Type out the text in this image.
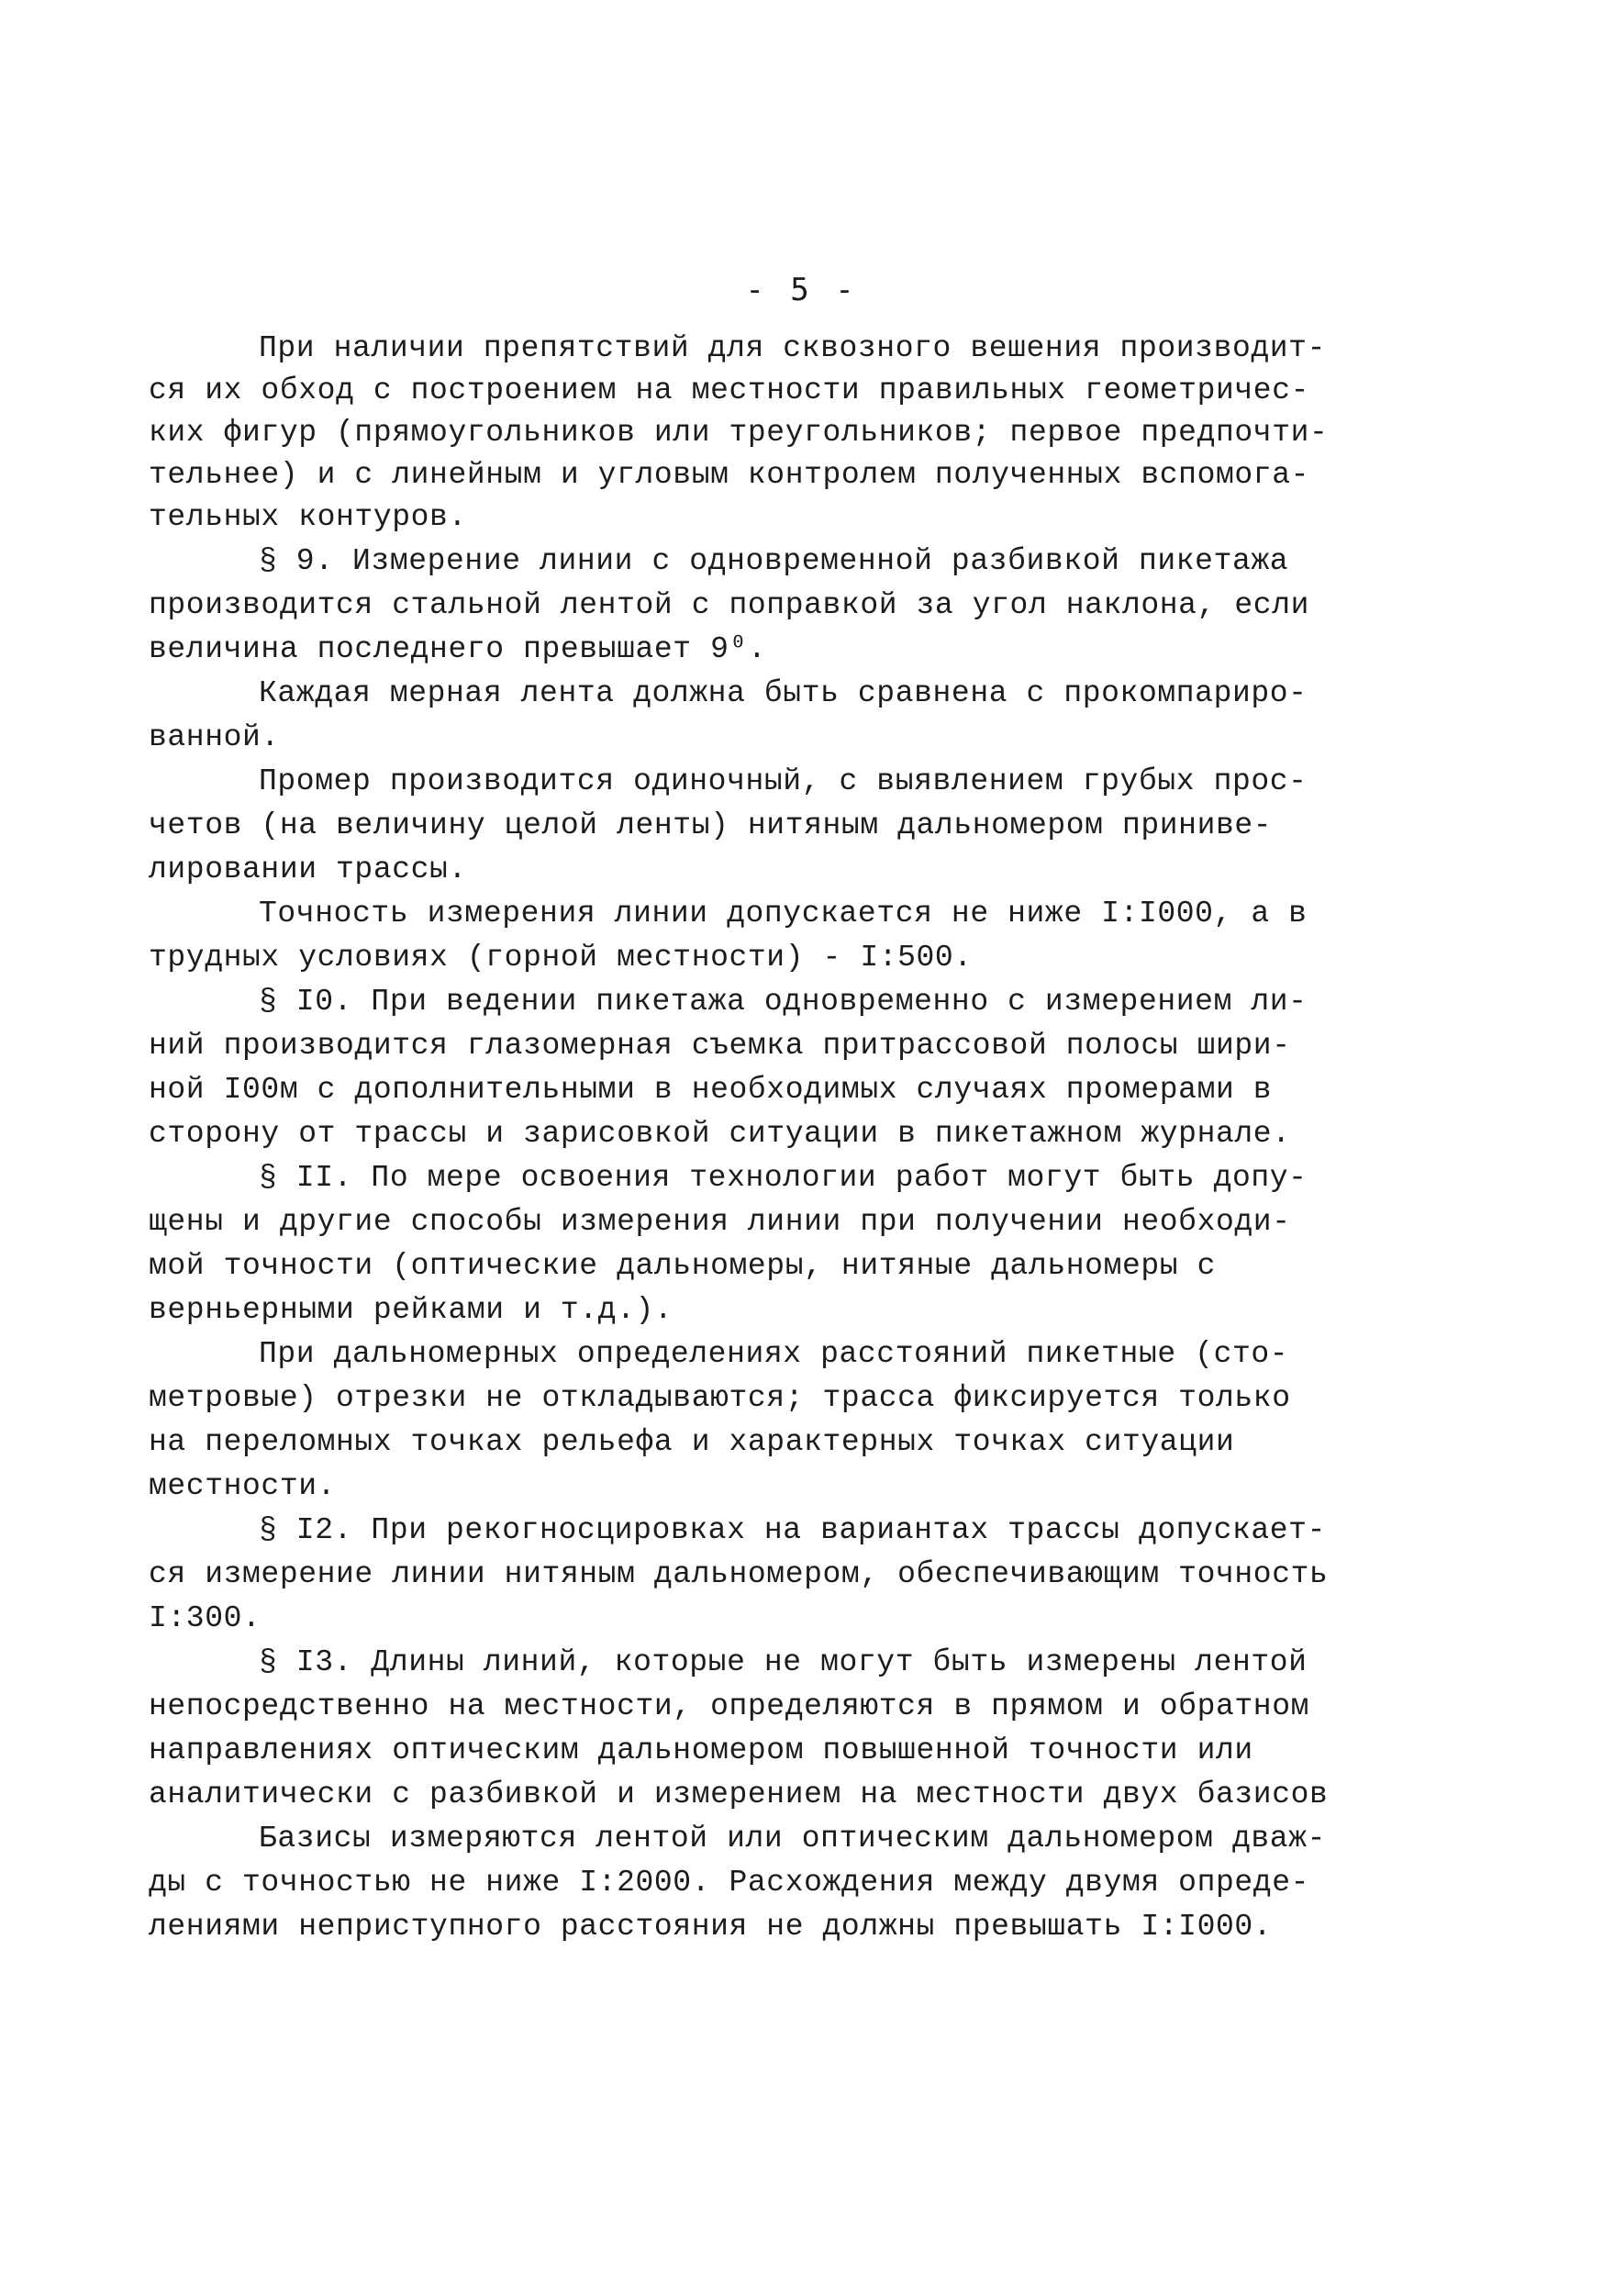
- 5 -
При наличии препятствий для сквозного вешения производит-
ся их обход с построением на местности правильных геометричес-
ких фигур (прямоугольников или треугольников; первое предпочти-
тельнее) и с линейным и угловым контролем полученных вспомога-
тельных контуров.
§ 9. Измерение линии с одновременной разбивкой пикетажа
производится стальной лентой с поправкой за угол наклона, если
величина последнего превышает 9⁰.
Каждая мерная лента должна быть сравнена с прокомпариро-
ванной.
Промер производится одиночный, с выявлением грубых прос-
четов (на величину целой ленты) нитяным дальномером приниве-
лировании трассы.
Точность измерения линии допускается не ниже I:I000, а в
трудных условиях (горной местности) - I:500.
§ I0. При ведении пикетажа одновременно с измерением ли-
ний производится глазомерная съемка притрассовой полосы шири-
ной I00м с дополнительными в необходимых случаях промерами в
сторону от трассы и зарисовкой ситуации в пикетажном журнале.
§ II. По мере освоения технологии работ могут быть допу-
щены и другие способы измерения линии при получении необходи-
мой точности (оптические дальномеры, нитяные дальномеры с
верньерными рейками и т.д.).
При дальномерных определениях расстояний пикетные (сто-
метровые) отрезки не откладываются; трасса фиксируется только
на переломных точках рельефа и характерных точках ситуации
местности.
§ I2. При рекогносцировках на вариантах трассы допускает-
ся измерение линии нитяным дальномером, обеспечивающим точность
I:300.
§ I3. Длины линий, которые не могут быть измерены лентой
непосредственно на местности, определяются в прямом и обратном
направлениях оптическим дальномером повышенной точности или
аналитически с разбивкой и измерением на местности двух базисов
Базисы измеряются лентой или оптическим дальномером дваж-
ды с точностью не ниже I:2000. Расхождения между двумя опреде-
лениями неприступного расстояния не должны превышать I:I000.
